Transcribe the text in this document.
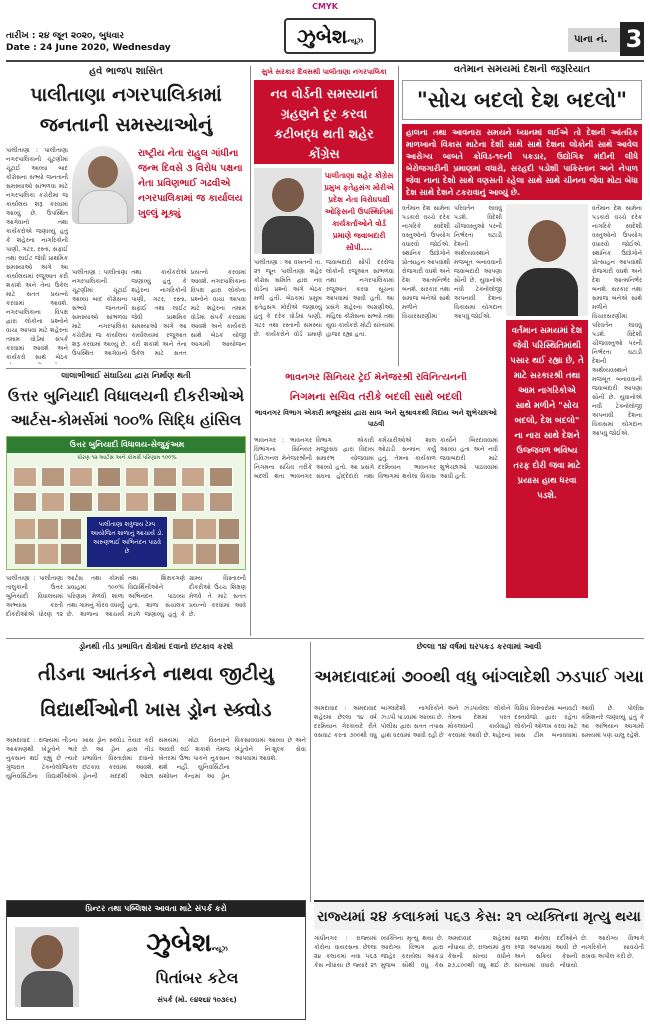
CMYK
તારીખ : ૨૪ જૂન ૨૦૨૦, બુધવાર
Date : 24 June 2020, Wednesday	ઝુબેશન્યૂઝ	પાના નં. 3
હવે ભાજપ શાસિત
પાલીતાણા નગરપાલિકામાં જનતાની સમસ્યાઓનું
પાલીતાણા : પાલીતાણા નગરપાલિકાની ચૂંટણીમાં ચૂંટાઈ આવ્યા બાદ કોંગ્રેસના સભ્યો જનતાની સમસ્યાઓ સાંભળવા માટે નગરપાલિકા કચેરીમાં જ કાર્યાલય શરૂ કરવામાં આવ્યું છે. ઉપસ્થિત આગેવાનો તથા કાર્યકરોએ જણાવ્યું હતું કે શહેરના નાગરિકોની પાણી, ગટર, રસ્તા, સફાઈ તથા લાઈટ જેવી પ્રાથમિક સમસ્યાઓ અંગે આ કાર્યાલયમાં રજૂઆત કરી શકાશે અને તેના ઉકેલ માટે સતત પ્રયત્નો કરવામાં આવશે. નગરપાલિકાના વિપક્ષ દ્વારા લોકોના પ્રશ્નોને વાચા આપવા માટે શહેરના તમામ વોર્ડમાં સંપર્ક કરવામાં આવશે અને કાર્યકરો સાથે બેઠક
રાષ્ટ્રીય નેતા રાહુલ ગાંધીના જન્મ દિવસે ૩ વિરોધ પક્ષના નેતા પ્રવિણભાઈ ગઢવીએ નગરપાલિકામાં જ કાર્યાલય ખુલ્લું મૂક્યું
પાલીતાણા : પાલીતાણા નગરપાલિકાની ચૂંટણીમાં ચૂંટાઈ આવ્યા બાદ કોંગ્રેસના સભ્યો જનતાની સમસ્યાઓ સાંભળવા માટે નગરપાલિકા કચેરીમાં જ કાર્યાલય શરૂ કરવામાં આવ્યું છે. ઉપસ્થિત આગેવાનો તથા કાર્યકરોએ જણાવ્યું હતું કે શહેરના નાગરિકોની પાણી, ગટર, રસ્તા, સફાઈ તથા લાઈટ જેવી પ્રાથમિક સમસ્યાઓ અંગે આ કાર્યાલયમાં રજૂઆત કરી શકાશે અને તેના ઉકેલ માટે સતત પ્રયત્નો કરવામાં આવશે. નગરપાલિકાના વિપક્ષ દ્વારા લોકોના પ્રશ્નોને વાચા આપવા માટે શહેરના તમામ વોર્ડમાં સંપર્ક કરવામાં આવશે અને કાર્યકરો સાથે બેઠક યોજી આગામી આયોજન
સુખે સરકાર દિવસથી પાલીતાણા નગરપાલિકા
નવ વોર્ડની સમસ્યાનાં ગ્રહણને દૂર કરવા કટીબદ્ધ થતી શહેર કોંગ્રેસ
પાલીતાણા શહેર કોંગ્રેસ પ્રમુખ ફતેહસંગ મોરીએ પ્રદેશ નેતા વિરોધપક્ષી ઓફિસની ઉપસ્થિતિમાં કાર્યકર્તાઓને વોર્ડ પ્રમાણે જવાબદારી સોંપી....
પાલીતાણા : આ વખતની તા. ૨૧ જૂન પાલીતાણા શહેર કોંગ્રેસ સમિતિ દ્વારા નવ વોર્ડના પ્રશ્નો અંગે બેઠક મળી હતી. બેઠકમાં પ્રમુખ ફતેહસંગ મોરીએ જણાવ્યું હતું કે દરેક વોર્ડમાં પાણી, ગટર તથા રસ્તાની સમસ્યા છે. કાર્યકરોને વોર્ડ પ્રમાણે જવાબદારી સોંપી દરરોજ લોકોની રજૂઆત સાંભળવા તથા નગરપાલિકામાં રજૂઆત કરવા સૂચના આપવામાં આવી હતી. આ પ્રસંગે શહેરના અગ્રણીઓ, મહિલા કોંગ્રેસના સભ્યો તથા યુવા કાર્યકરો મોટી સંખ્યામાં હાજર રહ્યા હતા.
વર્તમાન સમયમાં દેશની જરૂરિયાત
"સોચ બદલો દેશ બદલો"
હાલના તથા આવનારા સમયને ધ્યાનમાં લઈએ તો દેશની આંતરિક માળખાનો વિકાસ માટેના દેશી સાથે સાથે દેશના લોકોની સાથે આવેલ આરોગ્ય બાબતે કોવિડ-૧૯ની પકડાર, ઉદ્યોગિક મંદીની લીધે બેરોજગારીની પ્રમાણમાં વધારો, સરહદી પડોશી પાકિસ્તાન અને નેપાળ જેવા નાના દેશો સાથે વણસતી રહેલા સાથે સાથે ચીનના જેવા મોટા બેધા દેશ સાથે દેશને ટકરાવાનું આવ્યું છે.
વર્તમાન દેશ સામેના પડકારો વચ્ચે દરેક નાગરિકે સ્વદેશી વસ્તુઓનો ઉપયોગ વધારવો જોઈએ. સ્થાનિક ઉદ્યોગોને પ્રોત્સાહન આપવાથી રોજગારી વધશે અને દેશ આત્મનિર્ભર બનશે. સરકાર તથા સમાજ બંનેએ સાથે મળીને વિચારસરણીમાં પરિવર્તન લાવવું પડશે. વિદેશી ચીજવસ્તુઓ પરની નિર્ભરતા ઘટાડી દેશની અર્થવ્યવસ્થાને મજબૂત બનાવવાની જવાબદારી આપણા સૌની છે. યુવાનોએ નવી ટેક્નોલોજી અપનાવી દેશના વિકાસમાં યોગદાન આપવું જોઈએ.
વર્તમાન સમયમાં દેશ જેવી પરિસ્થિતિમાંથી પસાર થઈ રહ્યા છે, તે માટે સરકારશ્રી તથા આમ નાગરિકોએ સાથે મળીને "સોચ બદલો, દેશ બદલો" ના નારા સાથે દેશને ઉજ્જવળ ભવિષ્ય તરફ દોરી જવા માટે પ્રયાસ હાથ ધરવા પડશે.
વર્તમાન દેશ સામેના પડકારો વચ્ચે દરેક નાગરિકે સ્વદેશી વસ્તુઓનો ઉપયોગ વધારવો જોઈએ. સ્થાનિક ઉદ્યોગોને પ્રોત્સાહન આપવાથી રોજગારી વધશે અને દેશ આત્મનિર્ભર બનશે. સરકાર તથા સમાજ બંનેએ સાથે મળીને વિચારસરણીમાં પરિવર્તન લાવવું પડશે. વિદેશી ચીજવસ્તુઓ પરની નિર્ભરતા ઘટાડી દેશની અર્થવ્યવસ્થાને મજબૂત બનાવવાની જવાબદારી આપણા સૌની છે. યુવાનોએ નવી ટેક્નોલોજી અપનાવી દેશના વિકાસમાં યોગદાન આપવું જોઈએ.
લાલાભીભાઈ સંઘાડિયા દ્વારા નિર્માણ થતી
ઉત્તર બુનિયાદી વિધાલયની દીકરીઓએ આર્ટસ-કોમર્સમાં ૧૦૦% સિદ્ધિ હાંસિલ
ઉત્તર બુનિયાદી વિધાલય-સેજુકુંઅમ
ધોરણ ૧૨ આર્ટસ અને કોમર્સ પરિણામ ૧૦૦%
પાલીતાણા શત્રુંજય ટેમ્પ આયોજિત શાળાનું આચાર્ય ડો. અરુણભાઈ અભિનંદન પાઠવે છે
પાલીતાણા : પાલીતાણા તાલુકાની ઉત્તર બુનિયાદી વિધાલયમાં અભ્યાસ કરતી દીકરીઓએ ધોરણ ૧૨ આર્ટસ તથા કોમર્સ પ્રવાહમાં ૧૦૦% પરિણામ મેળવી શાળા તથા ગામનું ગૌરવ વધાર્યું છે. શાળાના આચાર્ય તથા શિક્ષકગણે વિદ્યાર્થિનીઓને અભિનંદન પાઠવ્યા હતા. શાળા સંચાલક મંડળે જણાવ્યું હતું કે ગ્રામ્ય વિસ્તારની દીકરીઓ ઉચ્ચ શિક્ષણ મેળવે તે માટે સતત પ્રયત્નો કરવામાં આવે છે.
ભાવનગર સિનિયર ટ્રેઈ મેનેજરશ્રી રવિનિત્યનની
નિગમના સચિવ તરીકે બદલી સાથે બદલી
ભાવનગર વિભાગ એકારી મજૂરસંઘ દ્વારા સાલ અને સુશ્રાવકથી વિદાય અને શુભેચ્છાઓ પાઠવી
ભાવનગર : ભાવનગર વિભાગના સિનિયર ડિવિઝનલ મેનેજરશ્રીની નિગમના સચિવ તરીકે બદલી થતા ભાવનગર વિભાગ એકારી મજૂરસંઘ દ્વારા વિદાય સમારંભ યોજવામાં આવ્યો હતો. આ પ્રસંગે સંઘના હોદ્દેદારો તથા કર્મચારીઓએ શાલ ઓઢાડી સન્માન કર્યું હતું. તેમના કાર્યકાળ દરમિયાન ભાવનગર વિભાગમાં થયેલા વિકાસ કાર્યોને બિરદાવવામાં આવ્યા હતા અને નવી જવાબદારી માટે શુભેચ્છાઓ પાઠવવામાં આવી હતી.
ડ્રોનથી તીડ પ્રભાવિત ક્ષેત્રોમાં દવાનો છંટકાવ કરશે
તીડના આતંકને નાથવા જીટીયુ વિદ્યાર્થીઓની ખાસ ડ્રોન સ્ક્વોડ
અમદાવાદ : રાજ્યમાં તીડના આક્રમણથી ખેડૂતોને ભારે નુકસાન થઈ રહ્યું છે ત્યારે ગુજરાત ટેકનોલોજિકલ યુનિવર્સિટીના વિદ્યાર્થીઓએ ખાસ ડ્રોન સ્ક્વોડ તૈયાર કરી છે. આ ડ્રોન દ્વારા તીડ પ્રભાવિત વિસ્તારોમાં દવાનો છંટકાવ કરવામાં આવશે. ડ્રોનની મદદથી ઓછા સમયમાં મોટા વિસ્તારને આવરી લઈ શકાશે તેમજ ખેતરમાં ઉભા પાકને નુકસાન થશે નહીં. યુનિવર્સિટીના સંશોધન કેન્દ્રમાં આ ડ્રોન વિકસાવવામાં આવ્યા છે અને ખેડૂતોને નિઃશુલ્ક સેવા આપવામાં આવશે.
છેલ્લા ૧૪ વર્ષમાં ઘરપકડ કરવામાં આવી
અમદાવાદમાં ૭૦૦થી વધુ બાંગ્લાદેશી ઝડપાઈ ગયા
અમદાવાદ : અમદાવાદ શહેરમાં છેલ્લા ૧૪ વર્ષ દરમિયાન ગેરકાયદે રીતે વસવાટ કરતા ૭૦૦થી વધુ બાંગ્લાદેશી નાગરિકોને ઝડપી પાડવામાં આવ્યા છે. પોલીસ દ્વારા સતત તપાસ હાથ ધરવામાં આવી રહી છે અને ઝડપાયેલા લોકોને તેમના દેશમાં પરત મોકલવાની કાર્યવાહી કરવામાં આવી છે. શહેરના વિવિધ વિસ્તારોમાં બનાવટી દસ્તાવેજો દ્વારા રહેતા લોકોની ઓળખ કરવા માટે ખાસ ટીમ બનાવવામાં આવી છે. પોલીસ કમિશનરે જણાવ્યું હતું કે આ અભિયાન આગામી સમયમાં પણ ચાલુ રહેશે.
પ્રિન્ટર તથા પબ્લિશર આવતા માટે સંપર્ક કરો
ઝુબેશન્યૂઝ
પિતાંબર કટેલ
સંપર્ક (મો. ૯૪૨૬૪ ૧૦૩૯૬)
રાજ્યમાં ૨૪ કલાકમાં ૫૬૩ કેસ: ૨૧ વ્યક્તિના મૃત્યુ થયા
ગાંધીનગર : રાજ્યમાં કોરોના વાયરસના છેલ્લા ૨૪ કલાકમાં નવા ૫૬૩ કેસ નોંધાયા છે જ્યારે ૨૧ વ્યક્તિના મૃત્યુ થયા છે. આરોગ્ય વિભાગ દ્વારા જાહેર કરાયેલા આંકડા મુજબ સૌથી વધુ કેસ અમદાવાદ શહેરમાં નોંધાયા છે. રાજ્યમાં કુલ કેસની સંખ્યા વધીને ૨૭,૮૦૦થી વધુ થઈ છે. સાજા થયેલા દર્દીઓને રજા આપવામાં આવી છે અને સક્રિય કેસની સંખ્યામાં વધારો નોંધાયો છે. આરોગ્ય વિભાગે નાગરિકોને સાવચેતી રાખવા અપીલ કરી છે.
